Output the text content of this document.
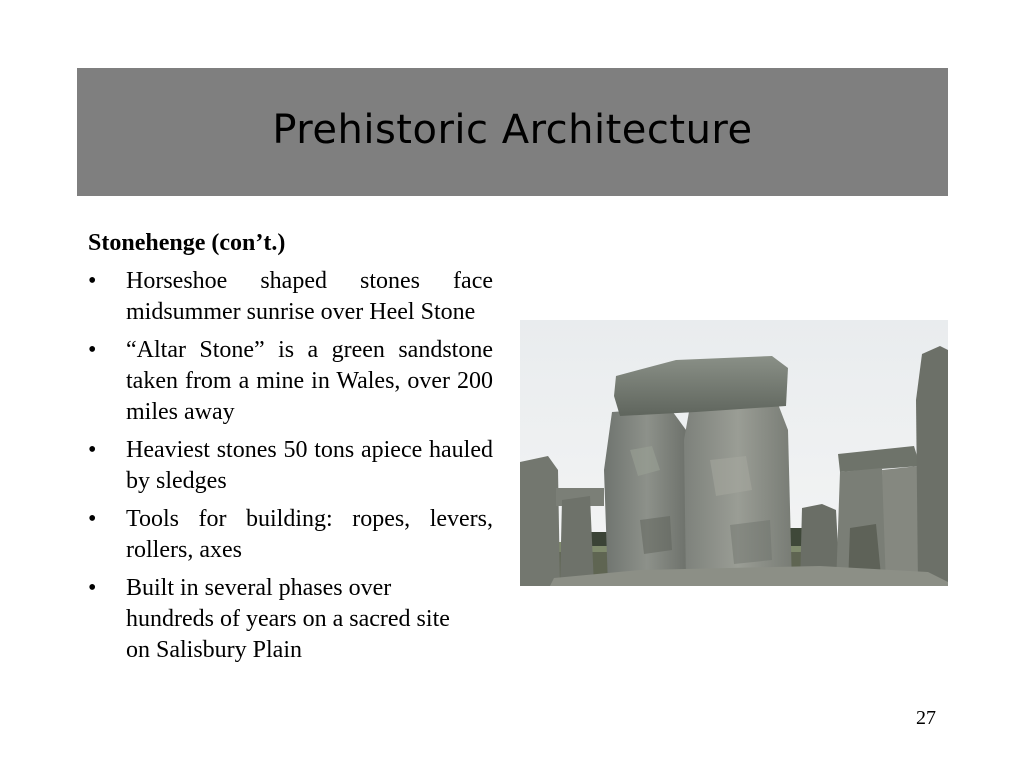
Prehistoric Architecture
Stonehenge (con’t.)
• Horseshoe shaped stones face midsummer sunrise over Heel Stone
• “Altar Stone” is a green sandstone taken from a mine in Wales, over 200 miles away
• Heaviest stones 50 tons apiece hauled by sledges
• Tools for building: ropes, levers, rollers, axes
• Built in several phases over hundreds of years on a sacred site on Salisbury Plain
27
